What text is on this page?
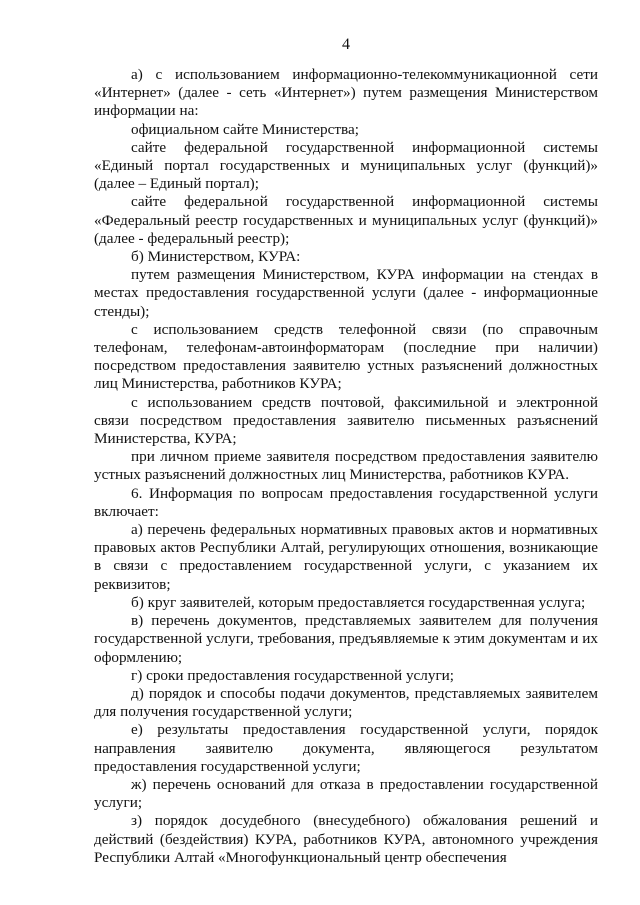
4

а) с использованием информационно-телекоммуникационной сети «Интернет» (далее - сеть «Интернет») путем размещения Министерством информации на:

официальном сайте Министерства;

сайте федеральной государственной информационной системы «Единый портал государственных и муниципальных услуг (функций)» (далее – Единый портал);

сайте федеральной государственной информационной системы «Федеральный реестр государственных и муниципальных услуг (функций)» (далее - федеральный реестр);

б) Министерством, КУРА:

путем размещения Министерством, КУРА информации на стендах в местах предоставления государственной услуги (далее - информационные стенды);

с использованием средств телефонной связи (по справочным телефонам, телефонам-автоинформаторам (последние при наличии) посредством предоставления заявителю устных разъяснений должностных лиц Министерства, работников КУРА;

с использованием средств почтовой, факсимильной и электронной связи посредством предоставления заявителю письменных разъяснений Министерства, КУРА;

при личном приеме заявителя посредством предоставления заявителю устных разъяснений должностных лиц Министерства, работников КУРА.

6. Информация по вопросам предоставления государственной услуги включает:

а) перечень федеральных нормативных правовых актов и нормативных правовых актов Республики Алтай, регулирующих отношения, возникающие в связи с предоставлением государственной услуги, с указанием их реквизитов;

б) круг заявителей, которым предоставляется государственная услуга;

в) перечень документов, представляемых заявителем для получения государственной услуги, требования, предъявляемые к этим документам и их оформлению;

г) сроки предоставления государственной услуги;

д) порядок и способы подачи документов, представляемых заявителем для получения государственной услуги;

е) результаты предоставления государственной услуги, порядок направления заявителю документа, являющегося результатом предоставления государственной услуги;

ж) перечень оснований для отказа в предоставлении государственной услуги;

з) порядок досудебного (внесудебного) обжалования решений и действий (бездействия) КУРА, работников КУРА, автономного учреждения Республики Алтай «Многофункциональный центр обеспечения
